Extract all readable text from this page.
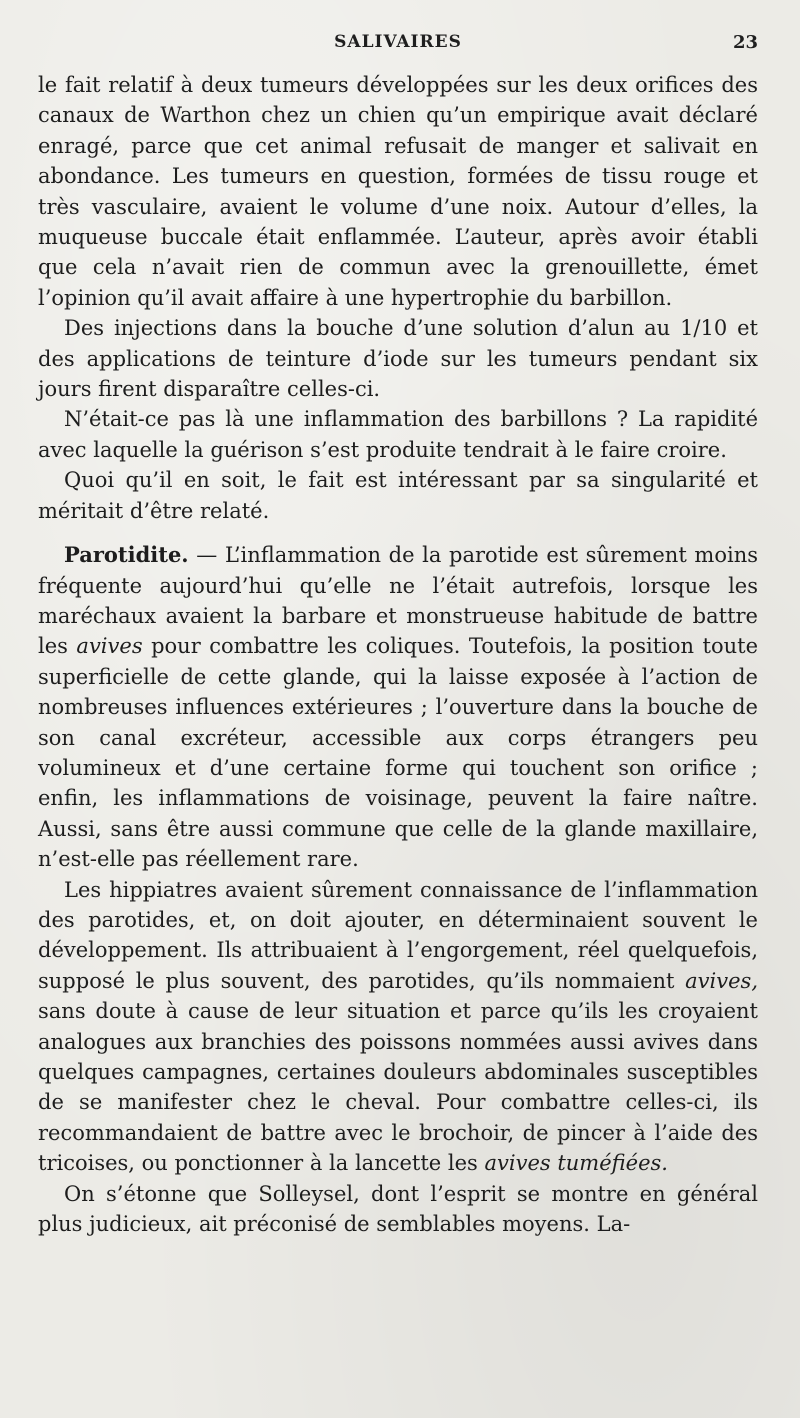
SALIVAIRES	23

le fait relatif à deux tumeurs développées sur les deux orifices des canaux de Warthon chez un chien qu’un empirique avait déclaré enragé, parce que cet animal refusait de manger et salivait en abondance. Les tumeurs en question, formées de tissu rouge et très vasculaire, avaient le volume d’une noix. Autour d’elles, la muqueuse buccale était enflammée. L’auteur, après avoir établi que cela n’avait rien de commun avec la grenouillette, émet l’opinion qu’il avait affaire à une hypertrophie du barbillon.

Des injections dans la bouche d’une solution d’alun au 1/10 et des applications de teinture d’iode sur les tumeurs pendant six jours firent disparaître celles-ci.

N’était-ce pas là une inflammation des barbillons ? La rapidité avec laquelle la guérison s’est produite tendrait à le faire croire.

Quoi qu’il en soit, le fait est intéressant par sa singularité et méritait d’être relaté.

Parotidite. — L’inflammation de la parotide est sûrement moins fréquente aujourd’hui qu’elle ne l’était autrefois, lorsque les maréchaux avaient la barbare et monstrueuse habitude de battre les avives pour combattre les coliques. Toutefois, la position toute superficielle de cette glande, qui la laisse exposée à l’action de nombreuses influences extérieures ; l’ouverture dans la bouche de son canal excréteur, accessible aux corps étrangers peu volumineux et d’une certaine forme qui touchent son orifice ; enfin, les inflammations de voisinage, peuvent la faire naître. Aussi, sans être aussi commune que celle de la glande maxillaire, n’est-elle pas réellement rare.

Les hippiatres avaient sûrement connaissance de l’inflammation des parotides, et, on doit ajouter, en déterminaient souvent le développement. Ils attribuaient à l’engorgement, réel quelquefois, supposé le plus souvent, des parotides, qu’ils nommaient avives, sans doute à cause de leur situation et parce qu’ils les croyaient analogues aux branchies des poissons nommées aussi avives dans quelques campagnes, certaines douleurs abdominales susceptibles de se manifester chez le cheval. Pour combattre celles-ci, ils recommandaient de battre avec le brochoir, de pincer à l’aide des tricoises, ou ponctionner à la lancette les avives tuméfiées.

On s’étonne que Solleysel, dont l’esprit se montre en général plus judicieux, ait préconisé de semblables moyens. La-
